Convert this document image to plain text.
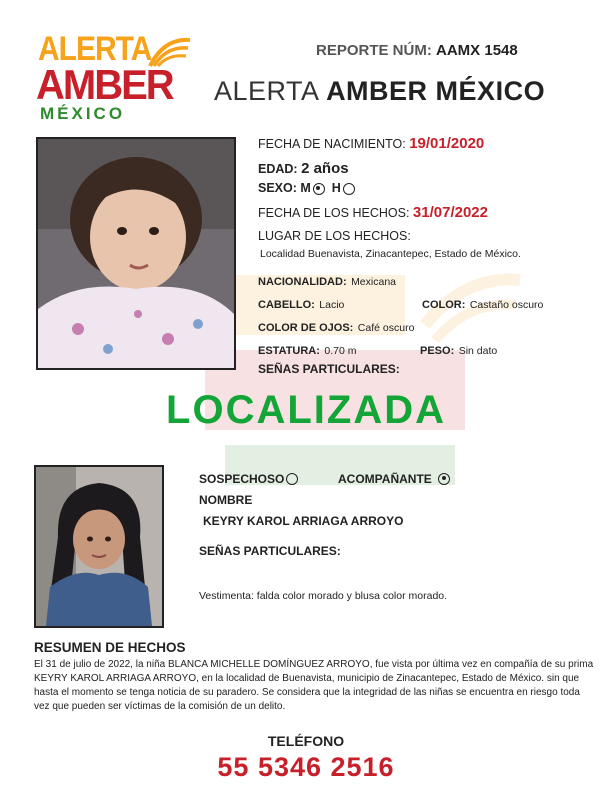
ALERTA
AMBER
MÉXICO
REPORTE NÚM: AAMX 1548
ALERTA AMBER MÉXICO
FECHA DE NACIMIENTO: 19/01/2020
EDAD: 2 años
SEXO: M H
FECHA DE LOS HECHOS: 31/07/2022
LUGAR DE LOS HECHOS:
Localidad Buenavista, Zinacantepec, Estado de México.
NACIONALIDAD: Mexicana
CABELLO: Lacio	COLOR: Castaño oscuro
COLOR DE OJOS: Café oscuro
ESTATURA: 0.70 m	PESO: Sin dato
SEÑAS PARTICULARES:
LOCALIZADA
SOSPECHOSO	ACOMPAÑANTE
NOMBRE
KEYRY KAROL ARRIAGA ARROYO
SEÑAS PARTICULARES:
Vestimenta: falda color morado y blusa color morado.
RESUMEN DE HECHOS
El 31 de julio de 2022, la niña BLANCA MICHELLE DOMÍNGUEZ ARROYO, fue vista por última vez en compañía de su prima KEYRY KAROL ARRIAGA ARROYO, en la localidad de Buenavista, municipio de Zinacantepec, Estado de México. sin que hasta el momento se tenga noticia de su paradero. Se considera que la integridad de las niñas se encuentra en riesgo toda vez que pueden ser víctimas de la comisión de un delito.
TELÉFONO
55 5346 2516
